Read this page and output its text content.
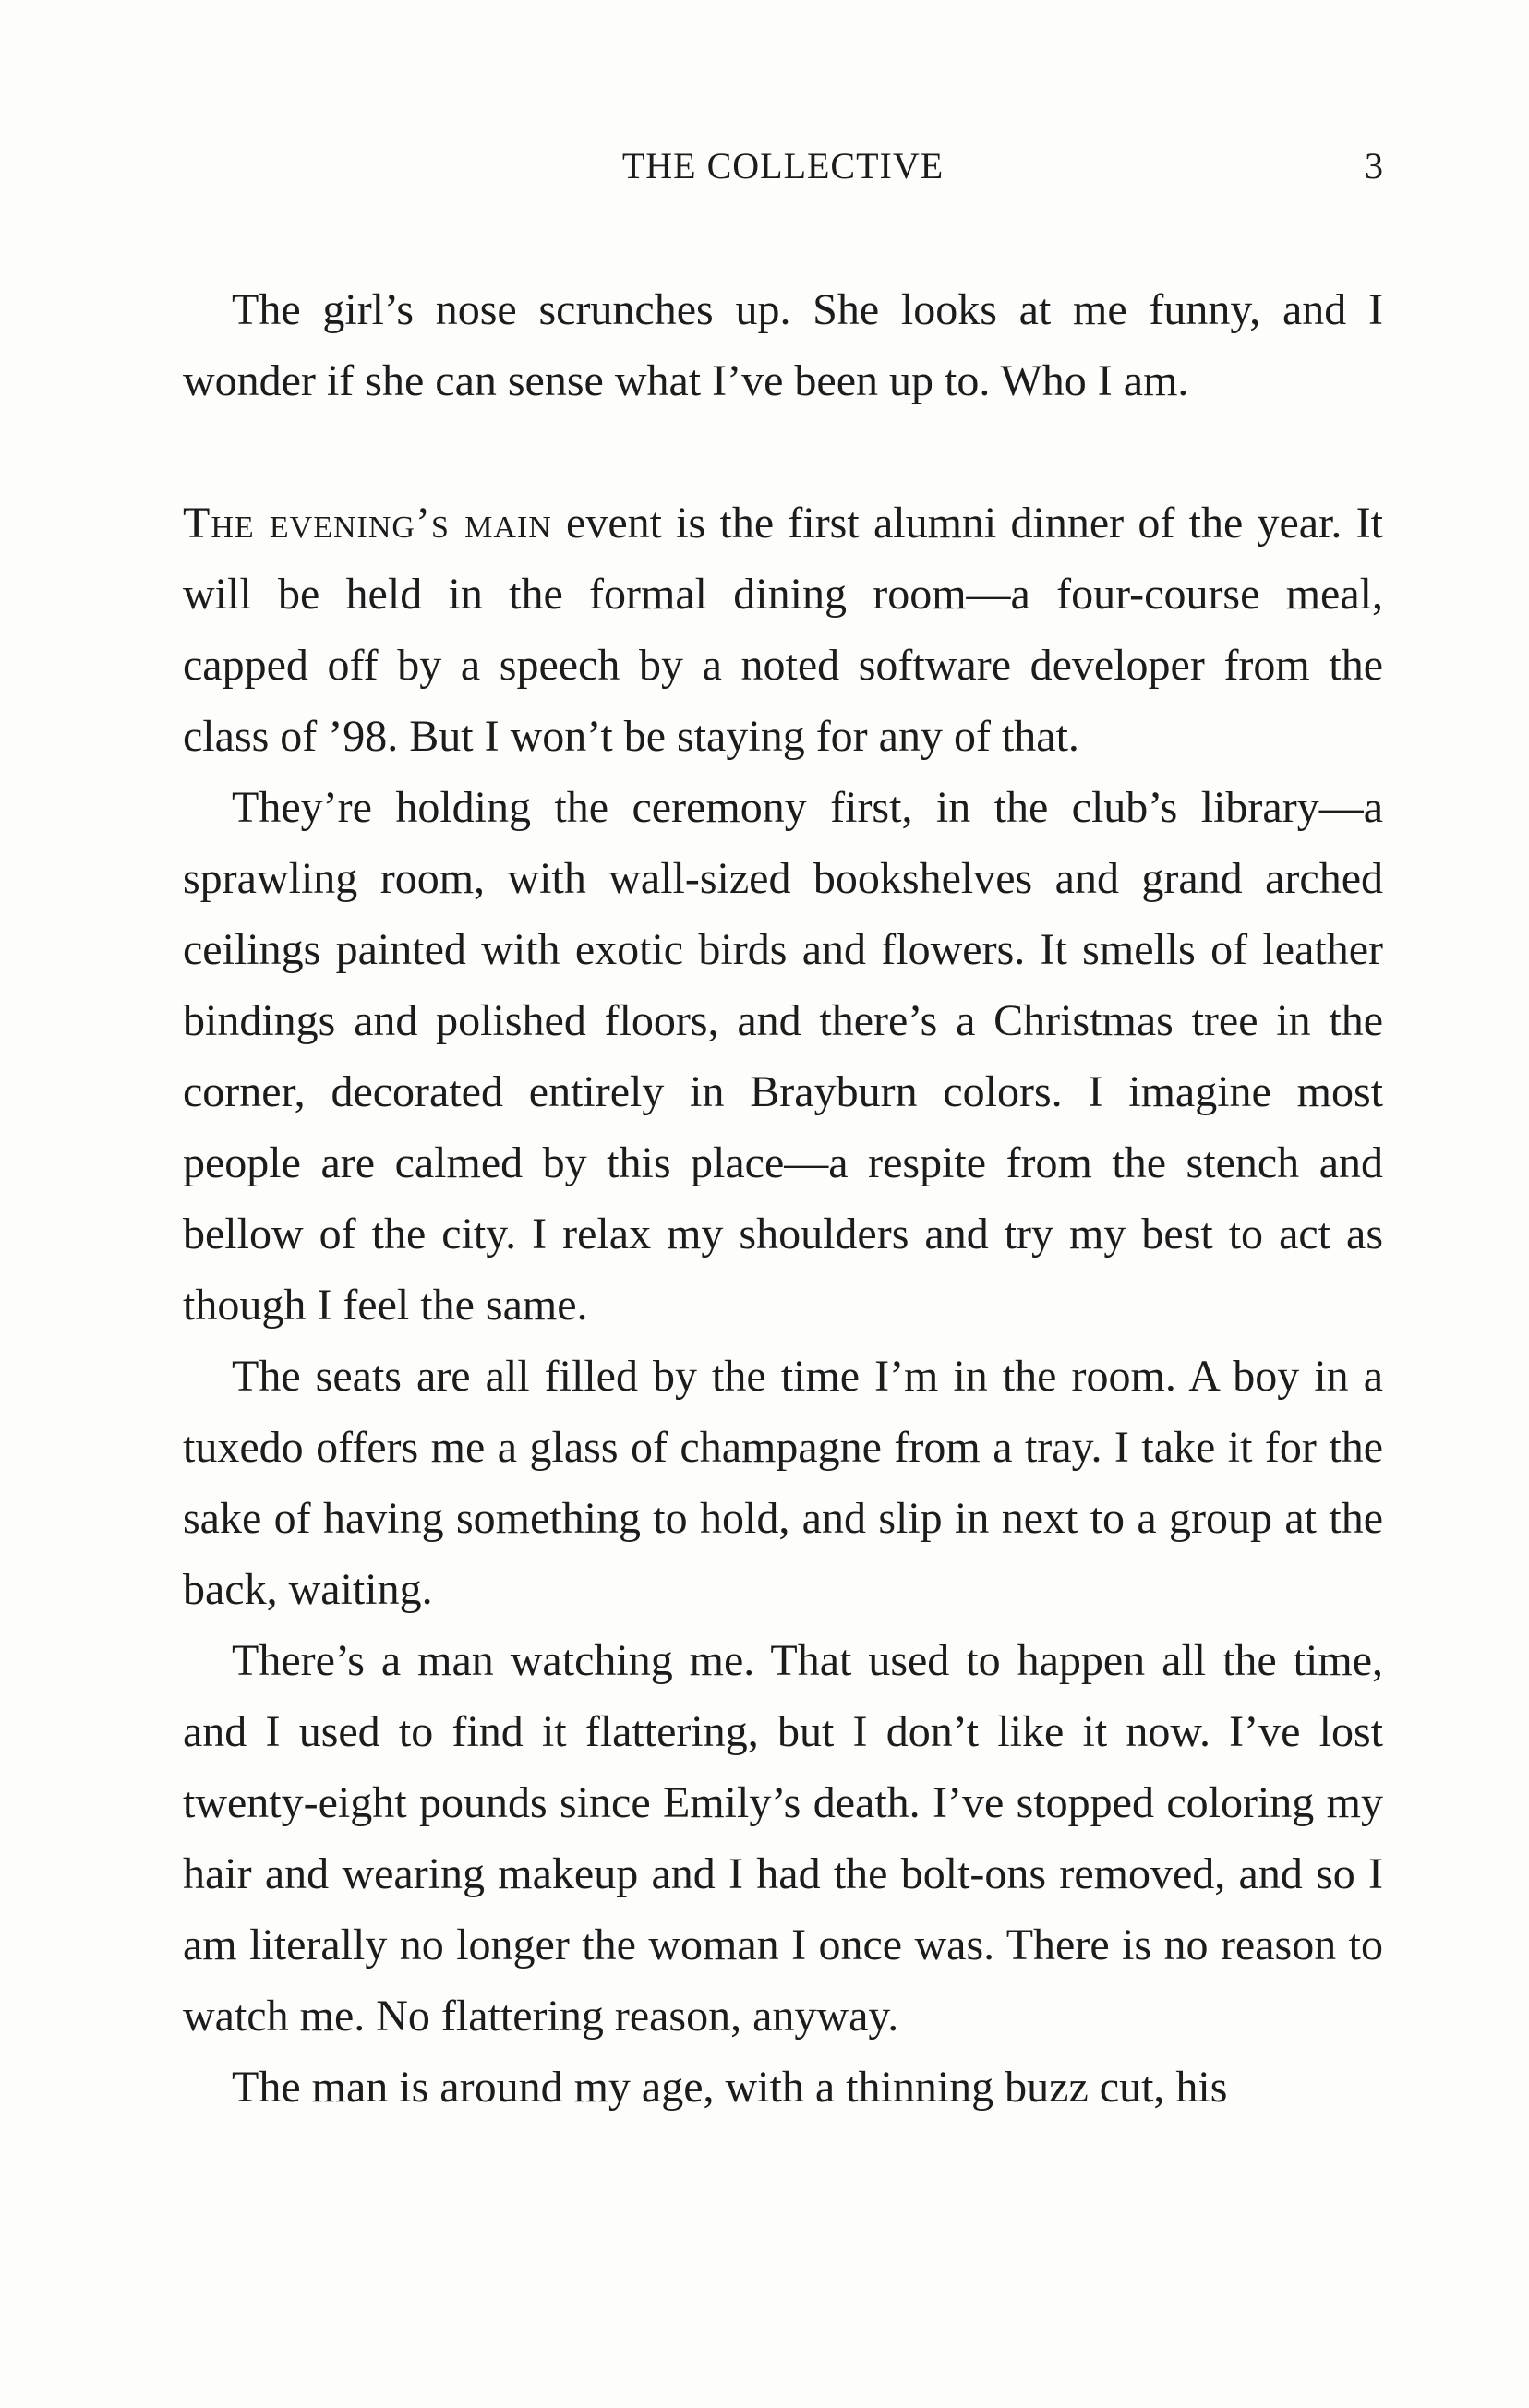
THE COLLECTIVE	3

The girl’s nose scrunches up. She looks at me funny, and I wonder if she can sense what I’ve been up to. Who I am.

The evening’s main event is the first alumni dinner of the year. It will be held in the formal dining room—a four-course meal, capped off by a speech by a noted software developer from the class of ’98. But I won’t be staying for any of that.

They’re holding the ceremony first, in the club’s library—a sprawling room, with wall-sized bookshelves and grand arched ceilings painted with exotic birds and flowers. It smells of leather bindings and polished floors, and there’s a Christmas tree in the corner, decorated entirely in Brayburn colors. I imagine most people are calmed by this place—a respite from the stench and bellow of the city. I relax my shoulders and try my best to act as though I feel the same.

The seats are all filled by the time I’m in the room. A boy in a tuxedo offers me a glass of champagne from a tray. I take it for the sake of having something to hold, and slip in next to a group at the back, waiting.

There’s a man watching me. That used to happen all the time, and I used to find it flattering, but I don’t like it now. I’ve lost twenty-eight pounds since Emily’s death. I’ve stopped coloring my hair and wearing makeup and I had the bolt-ons removed, and so I am literally no longer the woman I once was. There is no reason to watch me. No flattering reason, anyway.

The man is around my age, with a thinning buzz cut, his
